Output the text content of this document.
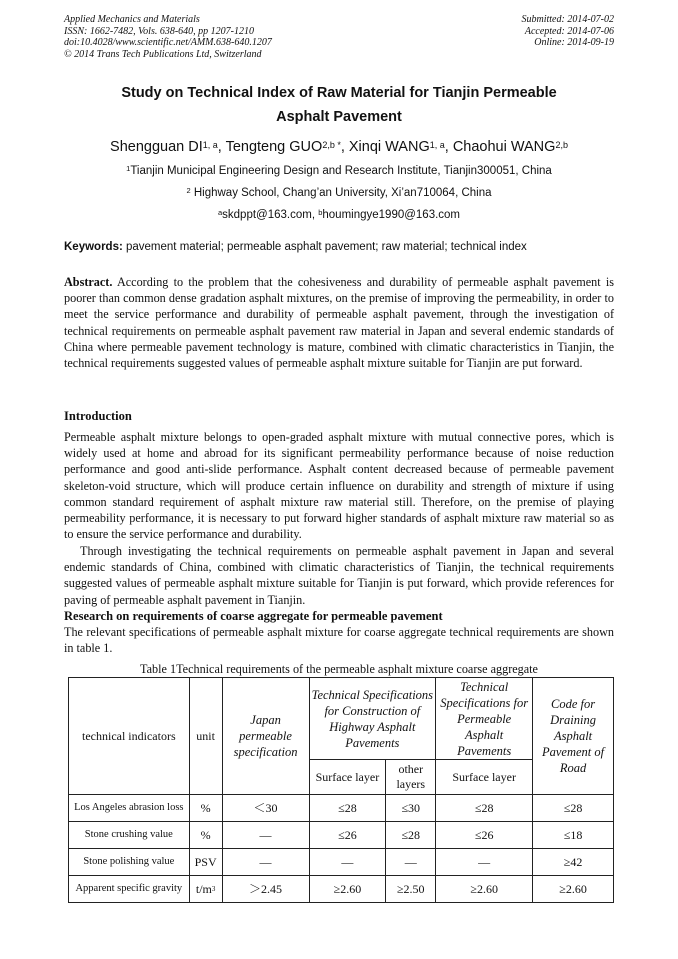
Applied Mechanics and Materials
ISSN: 1662-7482, Vols. 638-640, pp 1207-1210
doi:10.4028/www.scientific.net/AMM.638-640.1207
© 2014 Trans Tech Publications Ltd, Switzerland
Submitted: 2014-07-02
Accepted: 2014-07-06
Online: 2014-09-19
Study on Technical Index of Raw Material for Tianjin Permeable
Asphalt Pavement
Shengguan DI$^{1, a}$, Tengteng $GUO^{2,b *}$, Xinqi WANG$^{1, a}$, Chaohui WANG$^{2,b}$
$^1$Tianjin Municipal Engineering Design and Research Institute, Tianjin300051, China
$^2$ Highway School, Chang’an University, Xi’an710064, China
$^a$skdppt@163.com, $^b$houmingye1990@163.com
Keywords: pavement material; permeable asphalt pavement; raw material; technical index
Abstract. According to the problem that the cohesiveness and durability of permeable asphalt pavement is poorer than common dense gradation asphalt mixtures, on the premise of improving the permeability, in order to meet the service performance and durability of permeable asphalt pavement, through the investigation of technical requirements on permeable asphalt pavement raw material in Japan and several endemic standards of China where permeable pavement technology is mature, combined with climatic characteristics in Tianjin, the technical requirements suggested values of permeable asphalt mixture suitable for Tianjin are put forward.
Introduction
Permeable asphalt mixture belongs to open-graded asphalt mixture with mutual connective pores, which is widely used at home and abroad for its significant permeability performance because of noise reduction performance and good anti-slide performance. Asphalt content decreased because of permeable pavement skeleton-void structure, which will produce certain influence on durability and strength of mixture if using common standard requirement of asphalt mixture raw material still. Therefore, on the premise of playing permeability performance, it is necessary to put forward higher standards of asphalt mixture raw material so as to ensure the service performance and durability.
Through investigating the technical requirements on permeable asphalt pavement in Japan and several endemic standards of China, combined with climatic characteristics of Tianjin, the technical requirements suggested values of permeable asphalt mixture suitable for Tianjin is put forward, which provide references for paving of permeable asphalt pavement in Tianjin.
Research on requirements of coarse aggregate for permeable pavement
The relevant specifications of permeable asphalt mixture for coarse aggregate technical requirements are shown in table 1.
Table 1Technical requirements of the permeable asphalt mixture coarse aggregate
technical indicators	unit	Japan permeable specification	Technical Specifications for Construction of Highway Asphalt Pavements		Technical Specifications for Permeable Asphalt Pavements	Code for Draining Asphalt Pavement of Road
			Surface layer	other layers	Surface layer	
Los Angeles abrasion loss	%	＜30	≤28	≤30	≤28	≤28
Stone crushing value	%	—	≤26	≤28	≤26	≤18
Stone polishing value	PSV	—	—	—	—	≥42
Apparent specific gravity	$t/m^3$	＞2.45	≥2.60	≥2.50	≥2.60	≥2.60
